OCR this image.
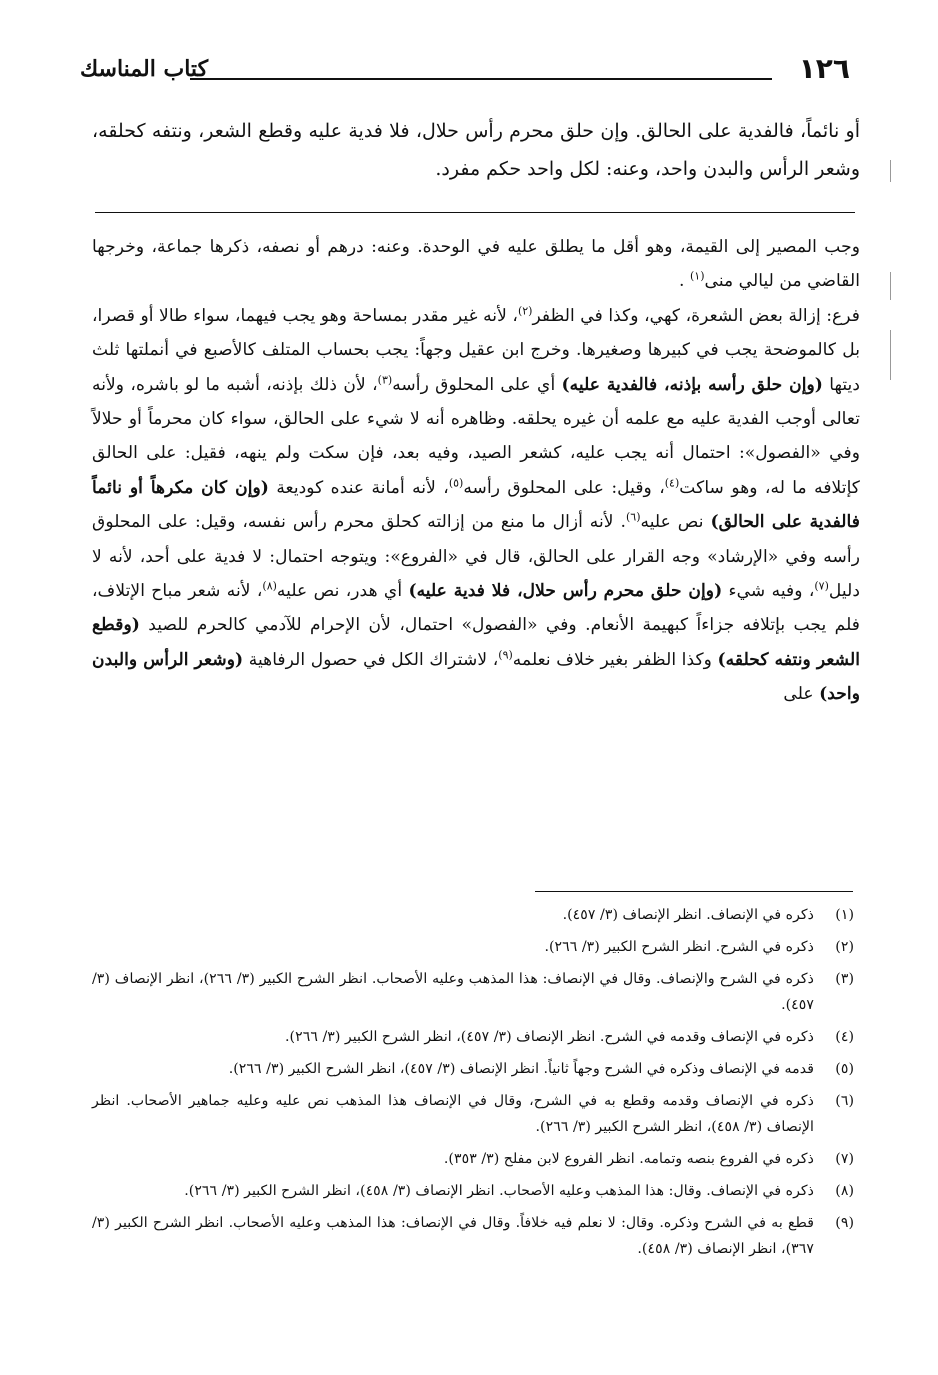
١٢٦
كتاب المناسك
أو نائماً، فالفدية على الحالق. وإن حلق محرم رأس حلال، فلا فدية عليه وقطع الشعر، ونتفه كحلقه، وشعر الرأس والبدن واحد، وعنه: لكل واحد حكم مفرد.

وجب المصير إلى القيمة، وهو أقل ما يطلق عليه في الوحدة. وعنه: درهم أو نصفه، ذكرها جماعة، وخرجها القاضي من ليالي منى$^{(١)}$ .

فرع: إزالة بعض الشعرة، كهي، وكذا في الظفر$^{(٢)}$، لأنه غير مقدر بمساحة وهو يجب فيهما، سواء طالا أو قصرا، بل كالموضحة يجب في كبيرها وصغيرها. وخرج ابن عقيل وجهاً: يجب بحساب المتلف كالأصبع في أنملتها ثلث ديتها (وإن حلق رأسه بإذنه، فالفدية عليه) أي على المحلوق رأسه$^{(٣)}$، لأن ذلك بإذنه، أشبه ما لو باشره، ولأنه تعالى أوجب الفدية عليه مع علمه أن غيره يحلقه. وظاهره أنه لا شيء على الحالق، سواء كان محرماً أو حلالاً وفي «الفصول»: احتمال أنه يجب عليه، كشعر الصيد، وفيه بعد، فإن سكت ولم ينهه، فقيل: على الحالق كإتلافه ما له، وهو ساكت$^{(٤)}$، وقيل: على المحلوق رأسه$^{(٥)}$، لأنه أمانة عنده كوديعة (وإن كان مكرهاً أو نائماً فالفدية على الحالق) نص عليه$^{(٦)}$. لأنه أزال ما منع من إزالته كحلق محرم رأس نفسه، وقيل: على المحلوق رأسه وفي «الإرشاد» وجه القرار على الحالق، قال في «الفروع»: ويتوجه احتمال: لا فدية على أحد، لأنه لا دليل$^{(٧)}$، وفيه شيء (وإن حلق محرم رأس حلال، فلا فدية عليه) أي هدر، نص عليه$^{(٨)}$، لأنه شعر مباح الإتلاف، فلم يجب بإتلافه جزاءاً كبهيمة الأنعام. وفي «الفصول» احتمال، لأن الإحرام للآدمي كالحرم للصيد (وقطع الشعر ونتفه كحلقه) وكذا الظفر بغير خلاف نعلمه$^{(٩)}$، لاشتراك الكل في حصول الرفاهية (وشعر الرأس والبدن واحد) على

(١)
ذكره في الإنصاف. انظر الإنصاف (٣/ ٤٥٧).
(٢)
ذكره في الشرح. انظر الشرح الكبير (٣/ ٢٦٦).
(٣)
ذكره في الشرح والإنصاف. وقال في الإنصاف: هذا المذهب وعليه الأصحاب. انظر الشرح الكبير (٣/ ٢٦٦)، انظر الإنصاف (٣/ ٤٥٧).
(٤)
ذكره في الإنصاف وقدمه في الشرح. انظر الإنصاف (٣/ ٤٥٧)، انظر الشرح الكبير (٣/ ٢٦٦).
(٥)
قدمه في الإنصاف وذكره في الشرح وجهاً ثانياً. انظر الإنصاف (٣/ ٤٥٧)، انظر الشرح الكبير (٣/ ٢٦٦).
(٦)
ذكره في الإنصاف وقدمه وقطع به في الشرح، وقال في الإنصاف هذا المذهب نص عليه وعليه جماهير الأصحاب. انظر الإنصاف (٣/ ٤٥٨)، انظر الشرح الكبير (٣/ ٢٦٦).
(٧)
ذكره في الفروع بنصه وتمامه. انظر الفروع لابن مفلح (٣/ ٣٥٣).
(٨)
ذكره في الإنصاف. وقال: هذا المذهب وعليه الأصحاب. انظر الإنصاف (٣/ ٤٥٨)، انظر الشرح الكبير (٣/ ٢٦٦).
(٩)
قطع به في الشرح وذكره. وقال: لا نعلم فيه خلافاً. وقال في الإنصاف: هذا المذهب وعليه الأصحاب. انظر الشرح الكبير (٣/ ٣٦٧)، انظر الإنصاف (٣/ ٤٥٨).
